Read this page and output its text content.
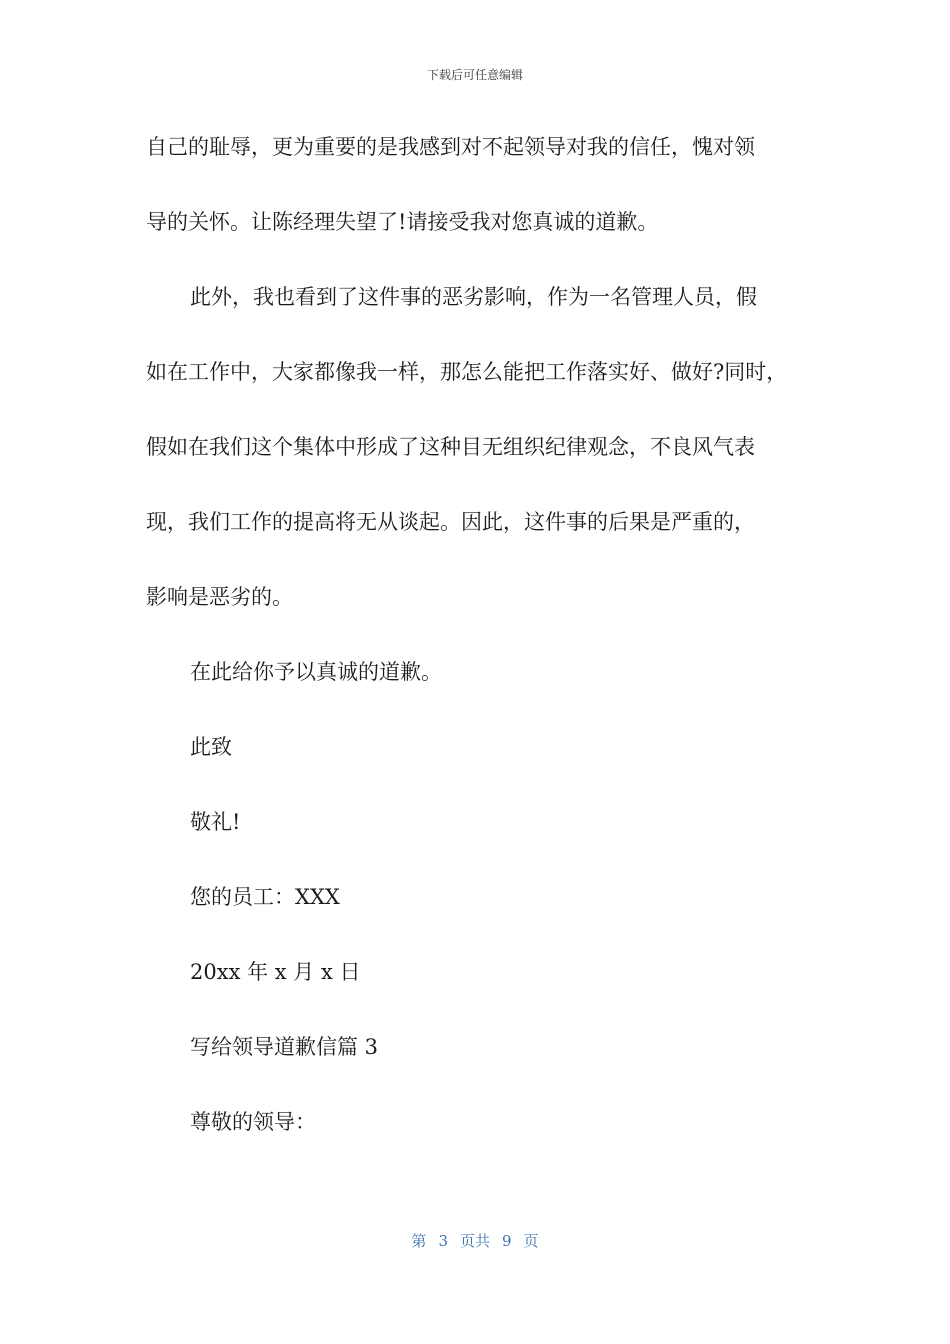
下载后可任意编辑

自己的耻辱，更为重要的是我感到对不起领导对我的信任，愧对领

导的关怀。让陈经理失望了!请接受我对您真诚的道歉。

此外，我也看到了这件事的恶劣影响，作为一名管理人员，假

如在工作中，大家都像我一样，那怎么能把工作落实好、做好?同时，

假如在我们这个集体中形成了这种目无组织纪律观念，不良风气表

现，我们工作的提高将无从谈起。因此，这件事的后果是严重的，

影响是恶劣的。

在此给你予以真诚的道歉。

此致

敬礼!

您的员工：XXX

20xx 年 x 月 x 日

写给领导道歉信篇 3

尊敬的领导：

第 3 页共 9 页
